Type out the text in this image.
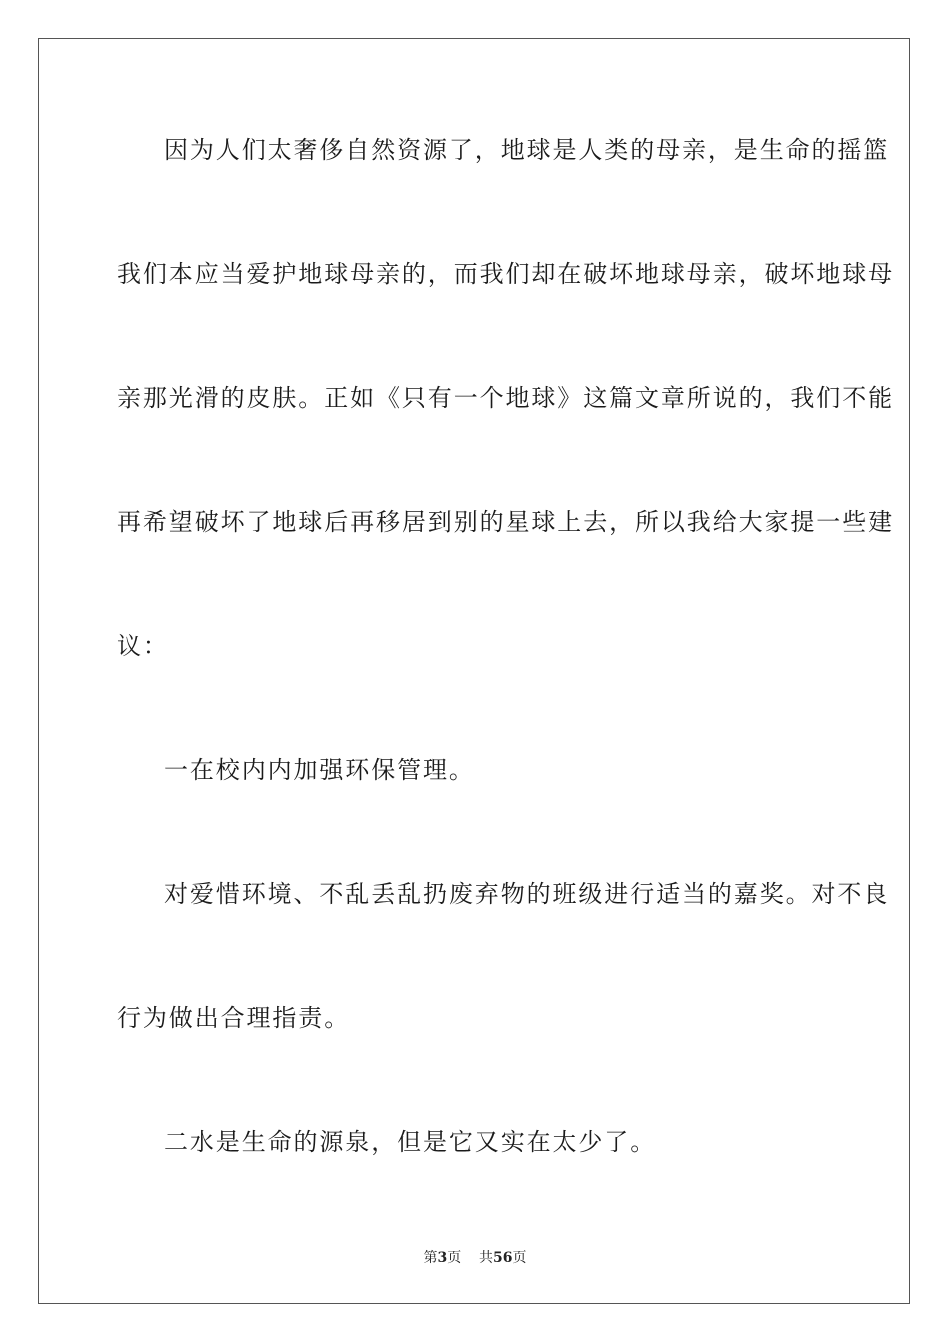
因为人们太奢侈自然资源了，地球是人类的母亲，是生命的摇篮
我们本应当爱护地球母亲的，而我们却在破坏地球母亲，破坏地球母
亲那光滑的皮肤。正如《只有一个地球》这篇文章所说的，我们不能
再希望破坏了地球后再移居到别的星球上去，所以我给大家提一些建
议：
一在校内内加强环保管理。
对爱惜环境、不乱丢乱扔废弃物的班级进行适当的嘉奖。对不良
行为做出合理指责。
二水是生命的源泉，但是它又实在太少了。
第3页 共56页
